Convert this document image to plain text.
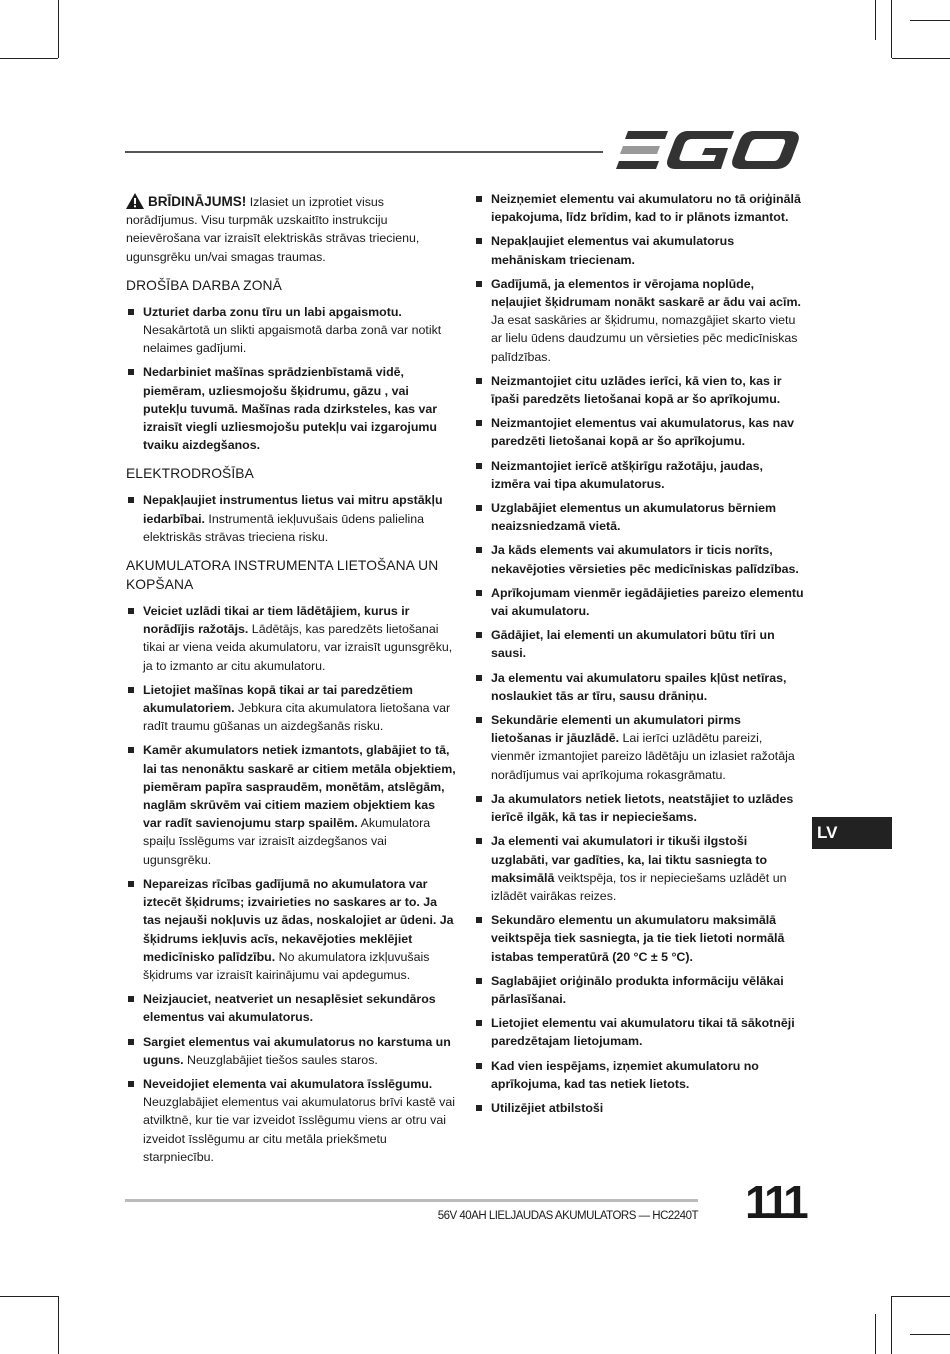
BRĪDINĀJUMS! Izlasiet un izprotiet visus norādījumus. Visu turpmāk uzskaitīto instrukciju neievērošana var izraisīt elektriskās strāvas triecienu, ugunsgrēku un/vai smagas traumas.

DROŠĪBA DARBA ZONĀ
Uzturiet darba zonu tīru un labi apgaismotu. Nesakārtotā un slikti apgaismotā darba zonā var notikt nelaimes gadījumi.
Nedarbiniet mašīnas sprādzienbīstamā vidē, piemēram, uzliesmojošu šķidrumu, gāzu , vai putekļu tuvumā. Mašīnas rada dzirksteles, kas var izraisīt viegli uzliesmojošu putekļu vai izgarojumu tvaiku aizdegšanos.
ELEKTRODROŠĪBA
Nepakļaujiet instrumentus lietus vai mitru apstākļu iedarbībai. Instrumentā iekļuvušais ūdens palielina elektriskās strāvas trieciena risku.
AKUMULATORA INSTRUMENTA LIETOŠANA UN KOPŠANA
Veiciet uzlādi tikai ar tiem lādētājiem, kurus ir norādījis ražotājs. Lādētājs, kas paredzēts lietošanai tikai ar viena veida akumulatoru, var izraisīt ugunsgrēku, ja to izmanto ar citu akumulatoru.
Lietojiet mašīnas kopā tikai ar tai paredzētiem akumulatoriem. Jebkura cita akumulatora lietošana var radīt traumu gūšanas un aizdegšanās risku.
Kamēr akumulators netiek izmantots, glabājiet to tā, lai tas nenonāktu saskarē ar citiem metāla objektiem, piemēram papīra saspraudēm, monētām, atslēgām, naglām skrūvēm vai citiem maziem objektiem kas var radīt savienojumu starp spailēm. Akumulatora spaiļu īsslēgums var izraisīt aizdegšanos vai ugunsgrēku.
Nepareizas rīcības gadījumā no akumulatora var iztecēt šķidrums; izvairieties no saskares ar to. Ja tas nejauši nokļuvis uz ādas, noskalojiet ar ūdeni. Ja šķidrums iekļuvis acīs, nekavējoties meklējiet medicīnisko palīdzību. No akumulatora izkļuvušais šķidrums var izraisīt kairinājumu vai apdegumus.
Neizjauciet, neatveriet un nesaplēsiet sekundāros elementus vai akumulatorus.
Sargiet elementus vai akumulatorus no karstuma un uguns. Neuzglabājiet tiešos saules staros.
Neveidojiet elementa vai akumulatora īsslēgumu. Neuzglabājiet elementus vai akumulatorus brīvi kastē vai atvilktnē, kur tie var izveidot īsslēgumu viens ar otru vai izveidot īsslēgumu ar citu metāla priekšmetu starpniecību.
Neizņemiet elementu vai akumulatoru no tā oriģinālā iepakojuma, līdz brīdim, kad to ir plānots izmantot.
Nepakļaujiet elementus vai akumulatorus mehāniskam triecienam.
Gadījumā, ja elementos ir vērojama noplūde, neļaujiet šķidrumam nonākt saskarē ar ādu vai acīm. Ja esat saskāries ar šķidrumu, nomazgājiet skarto vietu ar lielu ūdens daudzumu un vērsieties pēc medicīniskas palīdzības.
Neizmantojiet citu uzlādes ierīci, kā vien to, kas ir īpaši paredzēts lietošanai kopā ar šo aprīkojumu.
Neizmantojiet elementus vai akumulatorus, kas nav paredzēti lietošanai kopā ar šo aprīkojumu.
Neizmantojiet ierīcē atšķirīgu ražotāju, jaudas, izmēra vai tipa akumulatorus.
Uzglabājiet elementus un akumulatorus bērniem neaizsniedzamā vietā.
Ja kāds elements vai akumulators ir ticis norīts, nekavējoties vērsieties pēc medicīniskas palīdzības.
Aprīkojumam vienmēr iegādājieties pareizo elementu vai akumulatoru.
Gādājiet, lai elementi un akumulatori būtu tīri un sausi.
Ja elementu vai akumulatoru spailes kļūst netīras, noslaukiet tās ar tīru, sausu drāniņu.
Sekundārie elementi un akumulatori pirms lietošanas ir jāuzlādē. Lai ierīci uzlādētu pareizi, vienmēr izmantojiet pareizo lādētāju un izlasiet ražotāja norādījumus vai aprīkojuma rokasgrāmatu.
Ja akumulators netiek lietots, neatstājiet to uzlādes ierīcē ilgāk, kā tas ir nepieciešams.
Ja elementi vai akumulatori ir tikuši ilgstoši uzglabāti, var gadīties, ka, lai tiktu sasniegta to maksimālā veiktspēja, tos ir nepieciešams uzlādēt un izlādēt vairākas reizes.
Sekundāro elementu un akumulatoru maksimālā veiktspēja tiek sasniegta, ja tie tiek lietoti normālā istabas temperatūrā (20 °C ± 5 °C).
Saglabājiet oriģinālo produkta informāciju vēlākai pārlasīšanai.
Lietojiet elementu vai akumulatoru tikai tā sākotnēji paredzētajam lietojumam.
Kad vien iespējams, izņemiet akumulatoru no aprīkojuma, kad tas netiek lietots.
Utilizējiet atbilstoši
LV
56V 40AH LIELJAUDAS AKUMULATORS — HC2240T 111
